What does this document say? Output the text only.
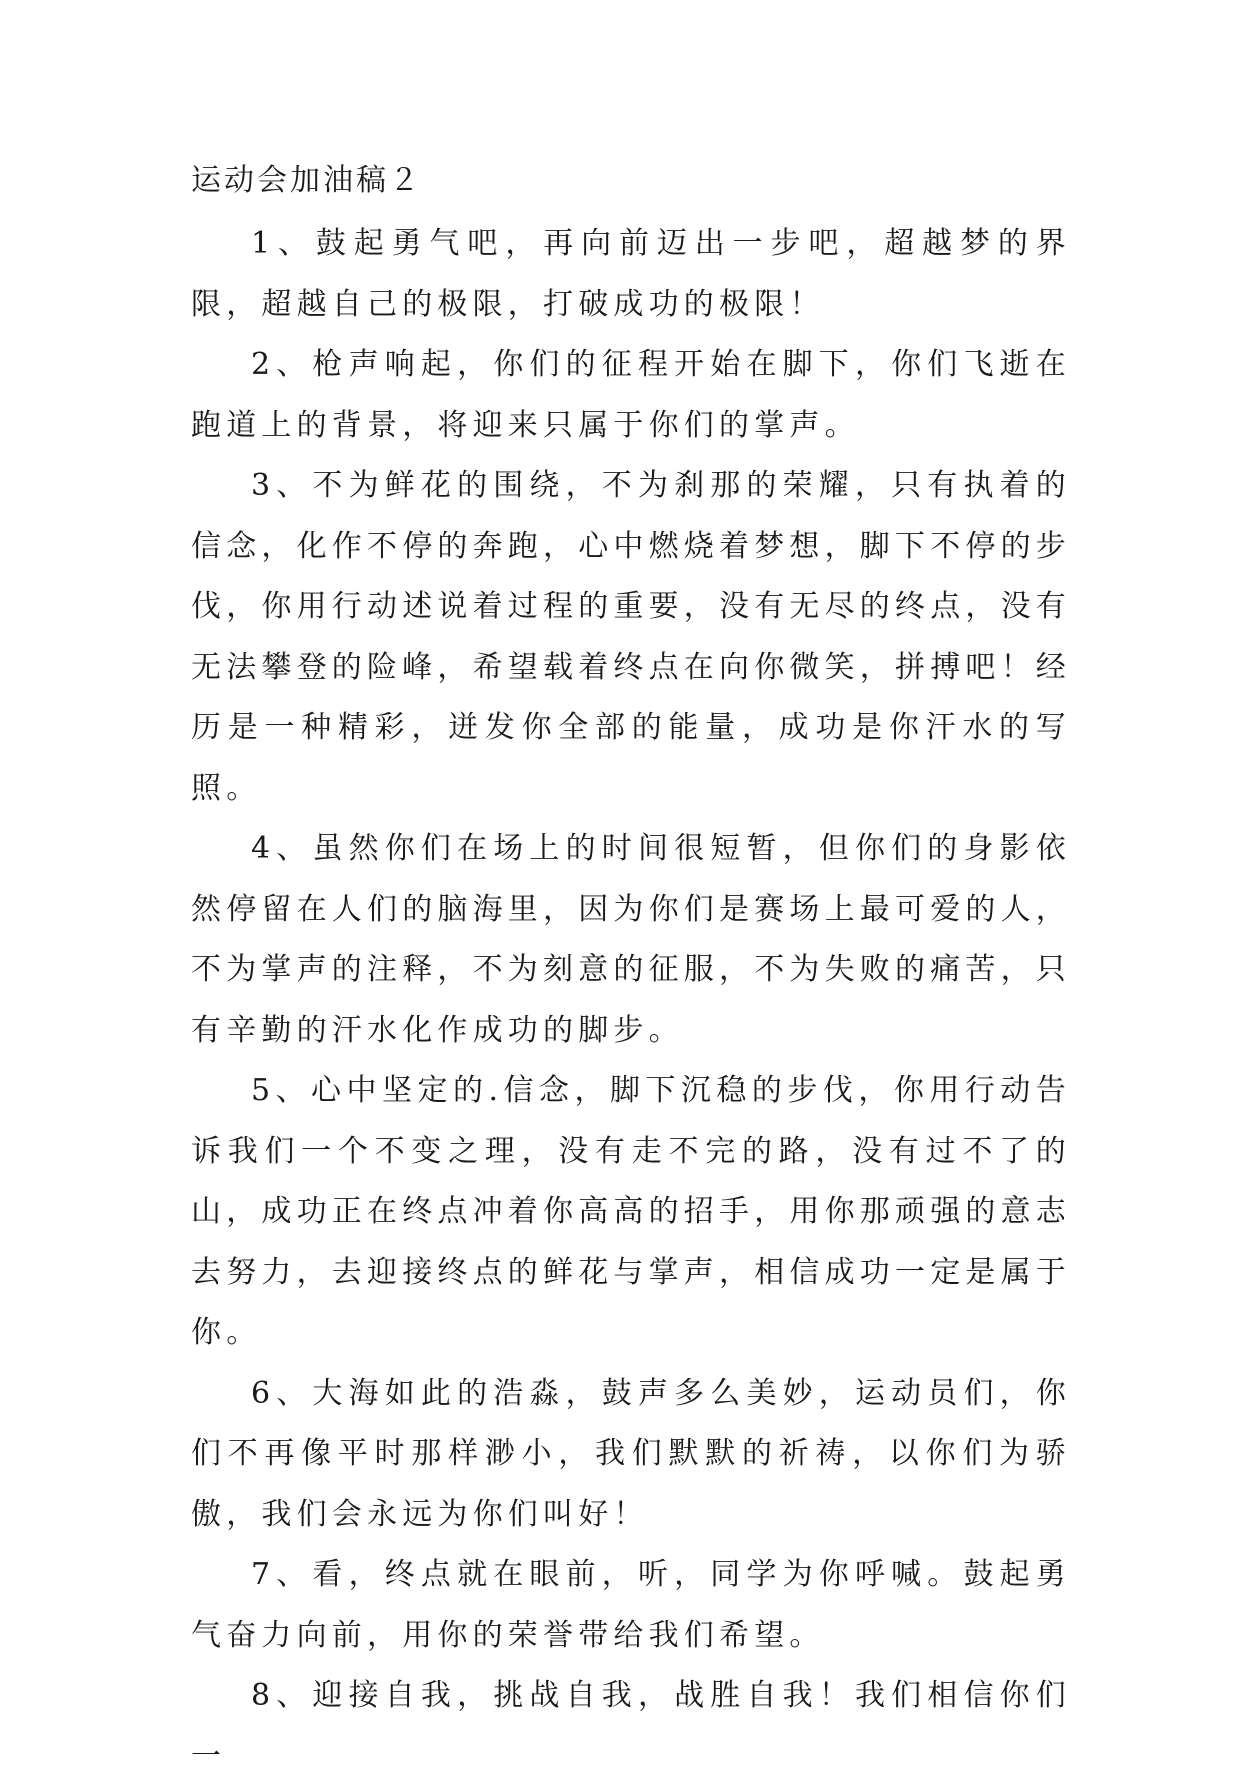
运动会加油稿２

1、鼓起勇气吧，再向前迈出一步吧，超越梦的界限，超越自己的极限，打破成功的极限！

2、枪声响起，你们的征程开始在脚下，你们飞逝在跑道上的背景，将迎来只属于你们的掌声。

3、不为鲜花的围绕，不为刹那的荣耀，只有执着的信念，化作不停的奔跑，心中燃烧着梦想，脚下不停的步伐，你用行动述说着过程的重要，没有无尽的终点，没有无法攀登的险峰，希望载着终点在向你微笑，拼搏吧！经历是一种精彩，迸发你全部的能量，成功是你汗水的写照。

4、虽然你们在场上的时间很短暂，但你们的身影依然停留在人们的脑海里，因为你们是赛场上最可爱的人，不为掌声的注释，不为刻意的征服，不为失败的痛苦，只有辛勤的汗水化作成功的脚步。

5、心中坚定的.信念，脚下沉稳的步伐，你用行动告诉我们一个不变之理，没有走不完的路，没有过不了的山，成功正在终点冲着你高高的招手，用你那顽强的意志去努力，去迎接终点的鲜花与掌声，相信成功一定是属于你。

6、大海如此的浩淼，鼓声多么美妙，运动员们，你们不再像平时那样渺小，我们默默的祈祷，以你们为骄傲，我们会永远为你们叫好！

7、看，终点就在眼前，听，同学为你呼喊。鼓起勇气奋力向前，用你的荣誉带给我们希望。

8、迎接自我，挑战自我，战胜自我！我们相信你们一
